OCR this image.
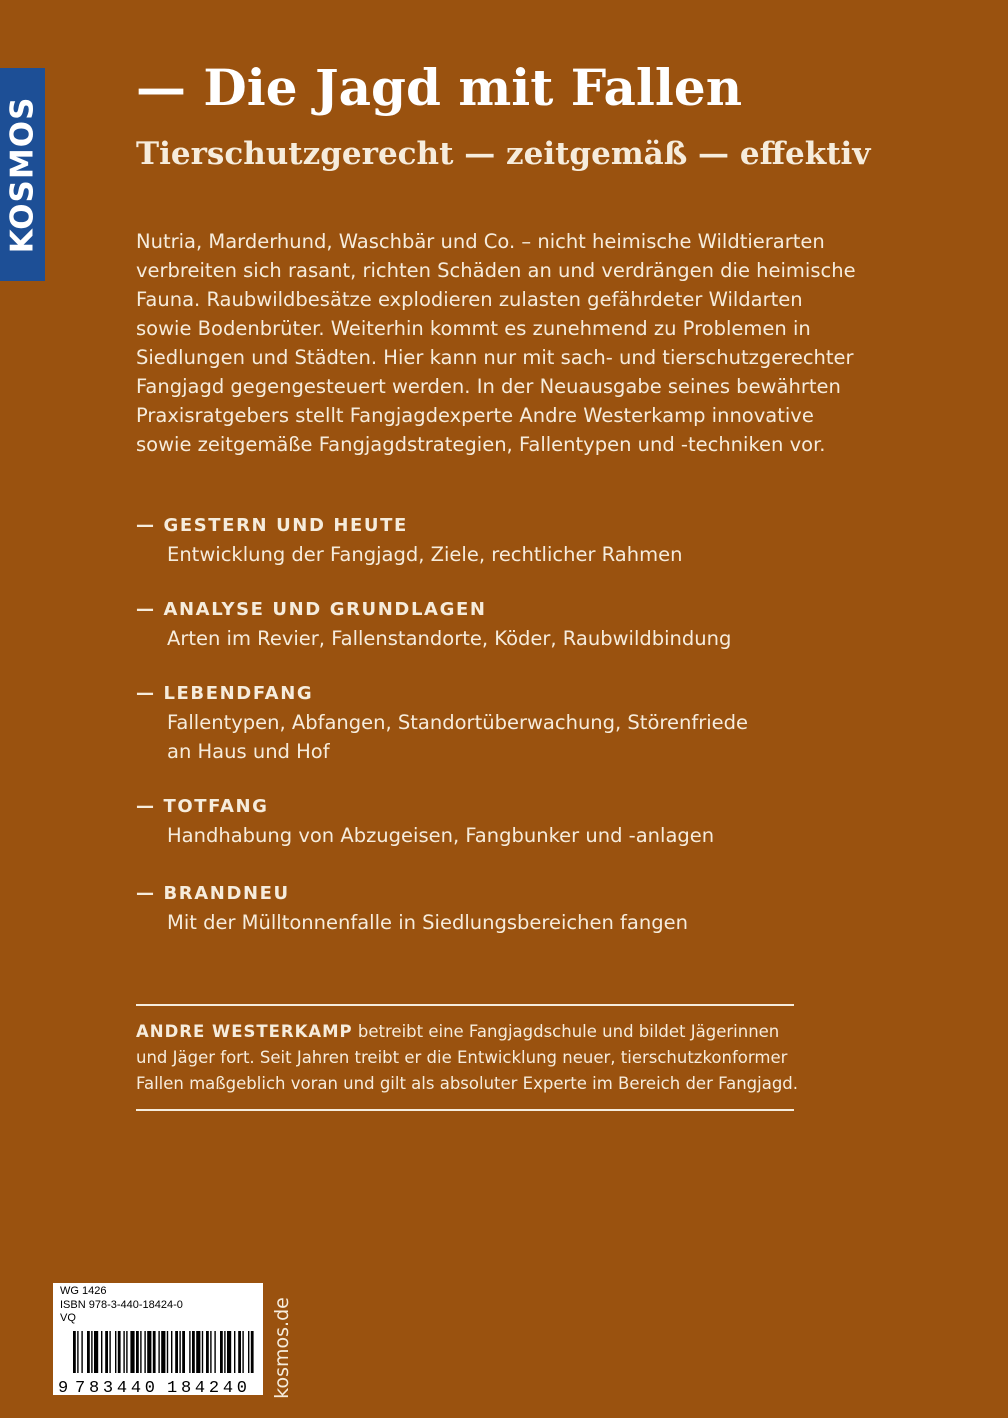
KOSMOS
— Die Jagd mit Fallen
Tierschutzgerecht — zeitgemäß — effektiv
Nutria, Marderhund, Waschbär und Co. – nicht heimische Wildtierarten
verbreiten sich rasant, richten Schäden an und verdrängen die heimische
Fauna. Raubwildbesätze explodieren zulasten gefährdeter Wildarten
sowie Bodenbrüter. Weiterhin kommt es zunehmend zu Problemen in
Siedlungen und Städten. Hier kann nur mit sach- und tierschutzgerechter
Fangjagd gegengesteuert werden. In der Neuausgabe seines bewährten
Praxisratgebers stellt Fangjagdexperte Andre Westerkamp innovative
sowie zeitgemäße Fangjagdstrategien, Fallentypen und -techniken vor.
— GESTERN UND HEUTE
Entwicklung der Fangjagd, Ziele, rechtlicher Rahmen
— ANALYSE UND GRUNDLAGEN
Arten im Revier, Fallenstandorte, Köder, Raubwildbindung
— LEBENDFANG
Fallentypen, Abfangen, Standortüberwachung, Störenfriede
an Haus und Hof
— TOTFANG
Handhabung von Abzugeisen, Fangbunker und -anlagen
— BRANDNEU
Mit der Mülltonnenfalle in Siedlungsbereichen fangen
ANDRE WESTERKAMP betreibt eine Fangjagdschule und bildet Jägerinnen
und Jäger fort. Seit Jahren treibt er die Entwicklung neuer, tierschutzkonformer
Fallen maßgeblich voran und gilt als absoluter Experte im Bereich der Fangjagd.
WG 1426
ISBN 978-3-440-18424-0
VQ
9 783440 184240 kosmos.de
